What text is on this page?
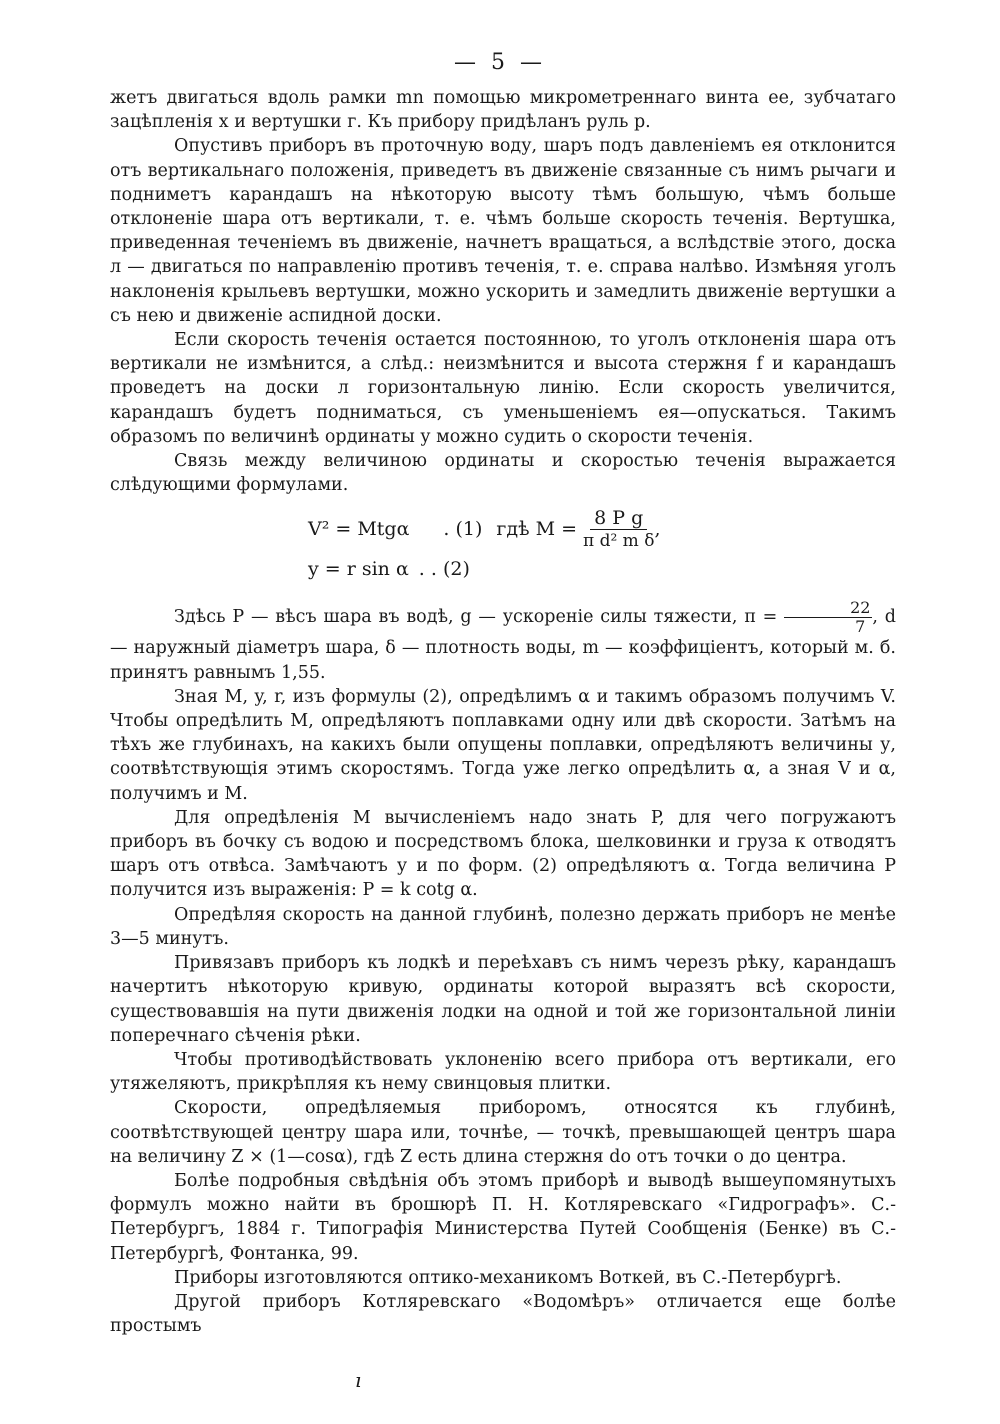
— 5 —

жетъ двигаться вдоль рамки mn помощью микрометреннаго винта ее, зубчатаго зацѣпленія х и вертушки г. Къ прибору придѣланъ руль р.

Опустивъ приборъ въ проточную воду, шаръ подъ давленіемъ ея отклонится отъ вертикальнаго положенія, приведетъ въ движеніе связанные съ нимъ рычаги и подниметъ карандашъ на нѣкоторую высоту тѣмъ большую, чѣмъ больше отклоненіе шара отъ вертикали, т. е. чѣмъ больше скорость теченія. Вертушка, приведенная теченіемъ въ движеніе, начнетъ вращаться, а вслѣдствіе этого, доска л — двигаться по направленію противъ теченія, т. е. справа налѣво. Измѣняя уголъ наклоненія крыльевъ вертушки, можно ускорить и замедлить движеніе вертушки а съ нею и движеніе аспидной доски.

Если скорость теченія остается постоянною, то уголъ отклоненія шара отъ вертикали не измѣнится, а слѣд.: неизмѣнится и высота стержня f и карандашъ проведетъ на доски л горизонтальную линію. Если скорость увеличится, карандашъ будетъ подниматься, съ уменьшеніемъ ея—опускаться. Такимъ образомъ по величинѣ ординаты у можно судить о скорости теченія.

Связь между величиною ординаты и скоростью теченія выражается слѣдующими формулами.

V² = Mtgα . (1) гдѣ $M = \frac{\text{8 P g}}{\text{π d² m δ}}$ ,
y = r sin α . . (2)

Здѣсь P — вѣсъ шара въ водѣ, g — ускореніе силы тяжести, $\pi = \frac{22}{7}$ , d — наружный діаметръ шара, δ — плотность воды, m — коэффиціентъ, который м. б. принятъ равнымъ 1,55.

Зная M, y, r, изъ формулы (2), опредѣлимъ α и такимъ образомъ получимъ V. Чтобы опредѣлить M, опредѣляютъ поплавками одну или двѣ скорости. Затѣмъ на тѣхъ же глубинахъ, на какихъ были опущены поплавки, опредѣляютъ величины у, соотвѣтствующія этимъ скоростямъ. Тогда уже легко опредѣлить α, а зная V и α, получимъ и M.

Для опредѣленія M вычисленіемъ надо знать P, для чего погружаютъ приборъ въ бочку съ водою и посредствомъ блока, шелковинки и груза к отводятъ шаръ отъ отвѣса. Замѣчаютъ у и по форм. (2) опредѣляютъ α. Тогда величина P получится изъ выраженія: P = k cotg α.

Опредѣляя скорость на данной глубинѣ, полезно держать приборъ не менѣе 3—5 минутъ.

Привязавъ приборъ къ лодкѣ и переѣхавъ съ нимъ черезъ рѣку, карандашъ начертитъ нѣкоторую кривую, ординаты которой выразятъ всѣ скорости, существовавшія на пути движенія лодки на одной и той же горизонтальной линіи поперечнаго сѣченія рѣки.

Чтобы противодѣйствовать уклоненію всего прибора отъ вертикали, его утяжеляютъ, прикрѣпляя къ нему свинцовыя плитки.

Скорости, опредѣляемыя приборомъ, относятся къ глубинѣ, соотвѣтствующей центру шара или, точнѣе, — точкѣ, превышающей центръ шара на величину Z × (1—cosα), гдѣ Z есть длина стержня do отъ точки о до центра.

Болѣе подробныя свѣдѣнія объ этомъ приборѣ и выводѣ вышеупомянутыхъ формулъ можно найти въ брошюрѣ П. Н. Котляревскаго «Гидрографъ». С.-Петербургъ, 1884 г. Типографія Министерства Путей Сообщенія (Бенке) въ С.-Петербургѣ, Фонтанка, 99.

Приборы изготовляются оптико-механикомъ Воткей, въ С.-Петербургѣ.

Другой приборъ Котляревскаго «Водомѣръ» отличается еще болѣе простымъ

ı
